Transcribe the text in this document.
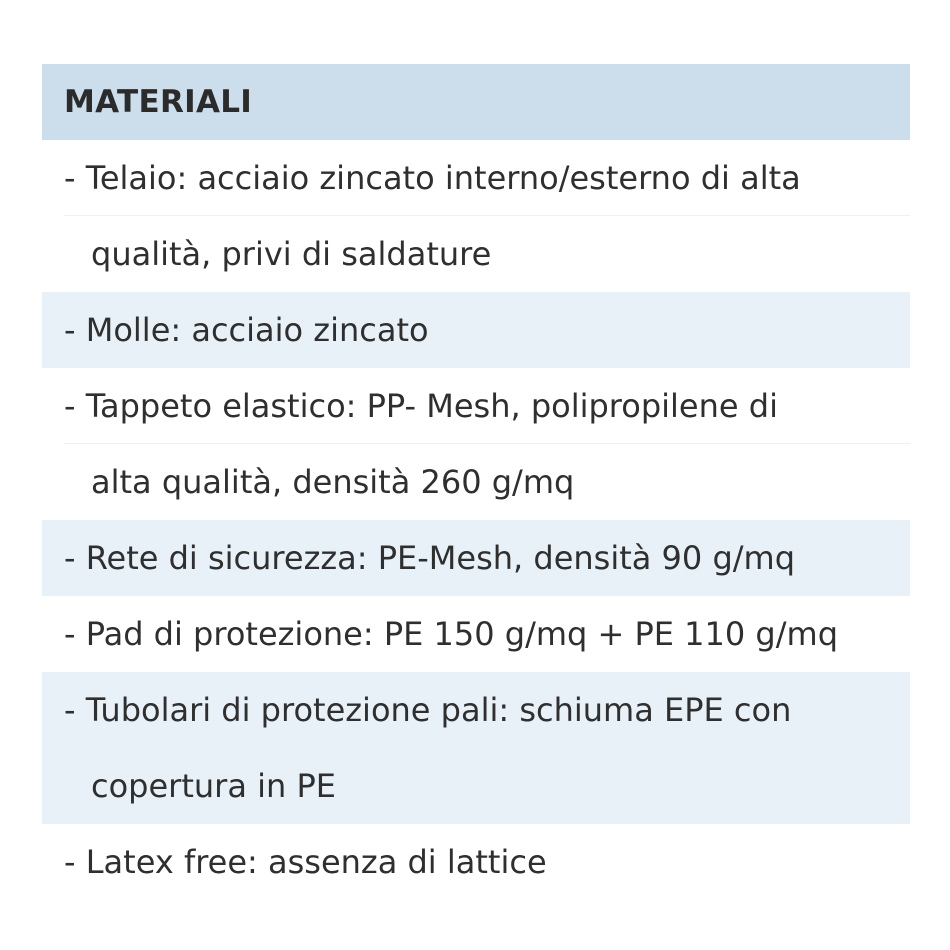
MATERIALI
- Telaio: acciaio zincato interno/esterno di alta
qualità, privi di saldature
- Molle: acciaio zincato
- Tappeto elastico: PP- Mesh, polipropilene di
alta qualità, densità 260 g/mq
- Rete di sicurezza: PE-Mesh, densità 90 g/mq
- Pad di protezione: PE 150 g/mq + PE 110 g/mq
- Tubolari di protezione pali: schiuma EPE con
copertura in PE
- Latex free: assenza di lattice
